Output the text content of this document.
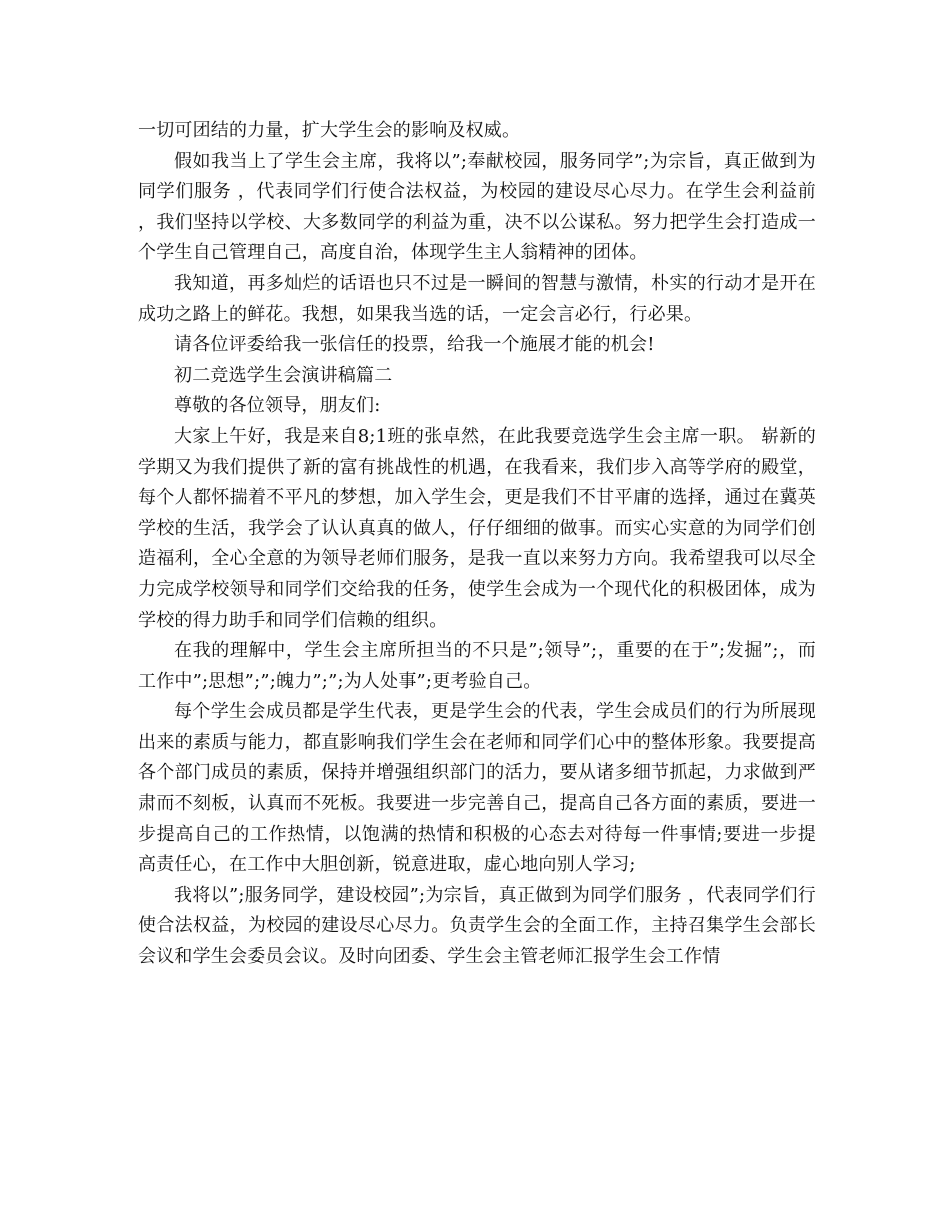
一切可团结的力量，扩大学生会的影响及权威。

假如我当上了学生会主席，我将以”;奉献校园，服务同学”;为宗旨，真正做到为同学们服务 ，代表同学们行使合法权益，为校园的建设尽心尽力。在学生会利益前，我们坚持以学校、大多数同学的利益为重，决不以公谋私。努力把学生会打造成一个学生自己管理自己，高度自治，体现学生主人翁精神的团体。

我知道，再多灿烂的话语也只不过是一瞬间的智慧与激情，朴实的行动才是开在成功之路上的鲜花。我想，如果我当选的话，一定会言必行，行必果。

请各位评委给我一张信任的投票，给我一个施展才能的机会!

初二竞选学生会演讲稿篇二

尊敬的各位领导，朋友们:

大家上午好，我是来自8;1班的张卓然，在此我要竞选学生会主席一职。 崭新的学期又为我们提供了新的富有挑战性的机遇，在我看来，我们步入高等学府的殿堂，每个人都怀揣着不平凡的梦想，加入学生会，更是我们不甘平庸的选择，通过在冀英学校的生活，我学会了认认真真的做人，仔仔细细的做事。而实心实意的为同学们创造福利，全心全意的为领导老师们服务，是我一直以来努力方向。我希望我可以尽全力完成学校领导和同学们交给我的任务，使学生会成为一个现代化的积极团体，成为学校的得力助手和同学们信赖的组织。

在我的理解中，学生会主席所担当的不只是”;领导”;，重要的在于”;发掘”;，而工作中”;思想”;”;魄力”;”;为人处事”;更考验自己。

每个学生会成员都是学生代表，更是学生会的代表，学生会成员们的行为所展现出来的素质与能力，都直影响我们学生会在老师和同学们心中的整体形象。我要提高各个部门成员的素质，保持并增强组织部门的活力，要从诸多细节抓起，力求做到严肃而不刻板，认真而不死板。我要进一步完善自己，提高自己各方面的素质，要进一步提高自己的工作热情，以饱满的热情和积极的心态去对待每一件事情;要进一步提高责任心，在工作中大胆创新，锐意进取，虚心地向别人学习;

我将以”;服务同学，建设校园”;为宗旨，真正做到为同学们服务 ，代表同学们行使合法权益，为校园的建设尽心尽力。负责学生会的全面工作，主持召集学生会部长会议和学生会委员会议。及时向团委、学生会主管老师汇报学生会工作情
